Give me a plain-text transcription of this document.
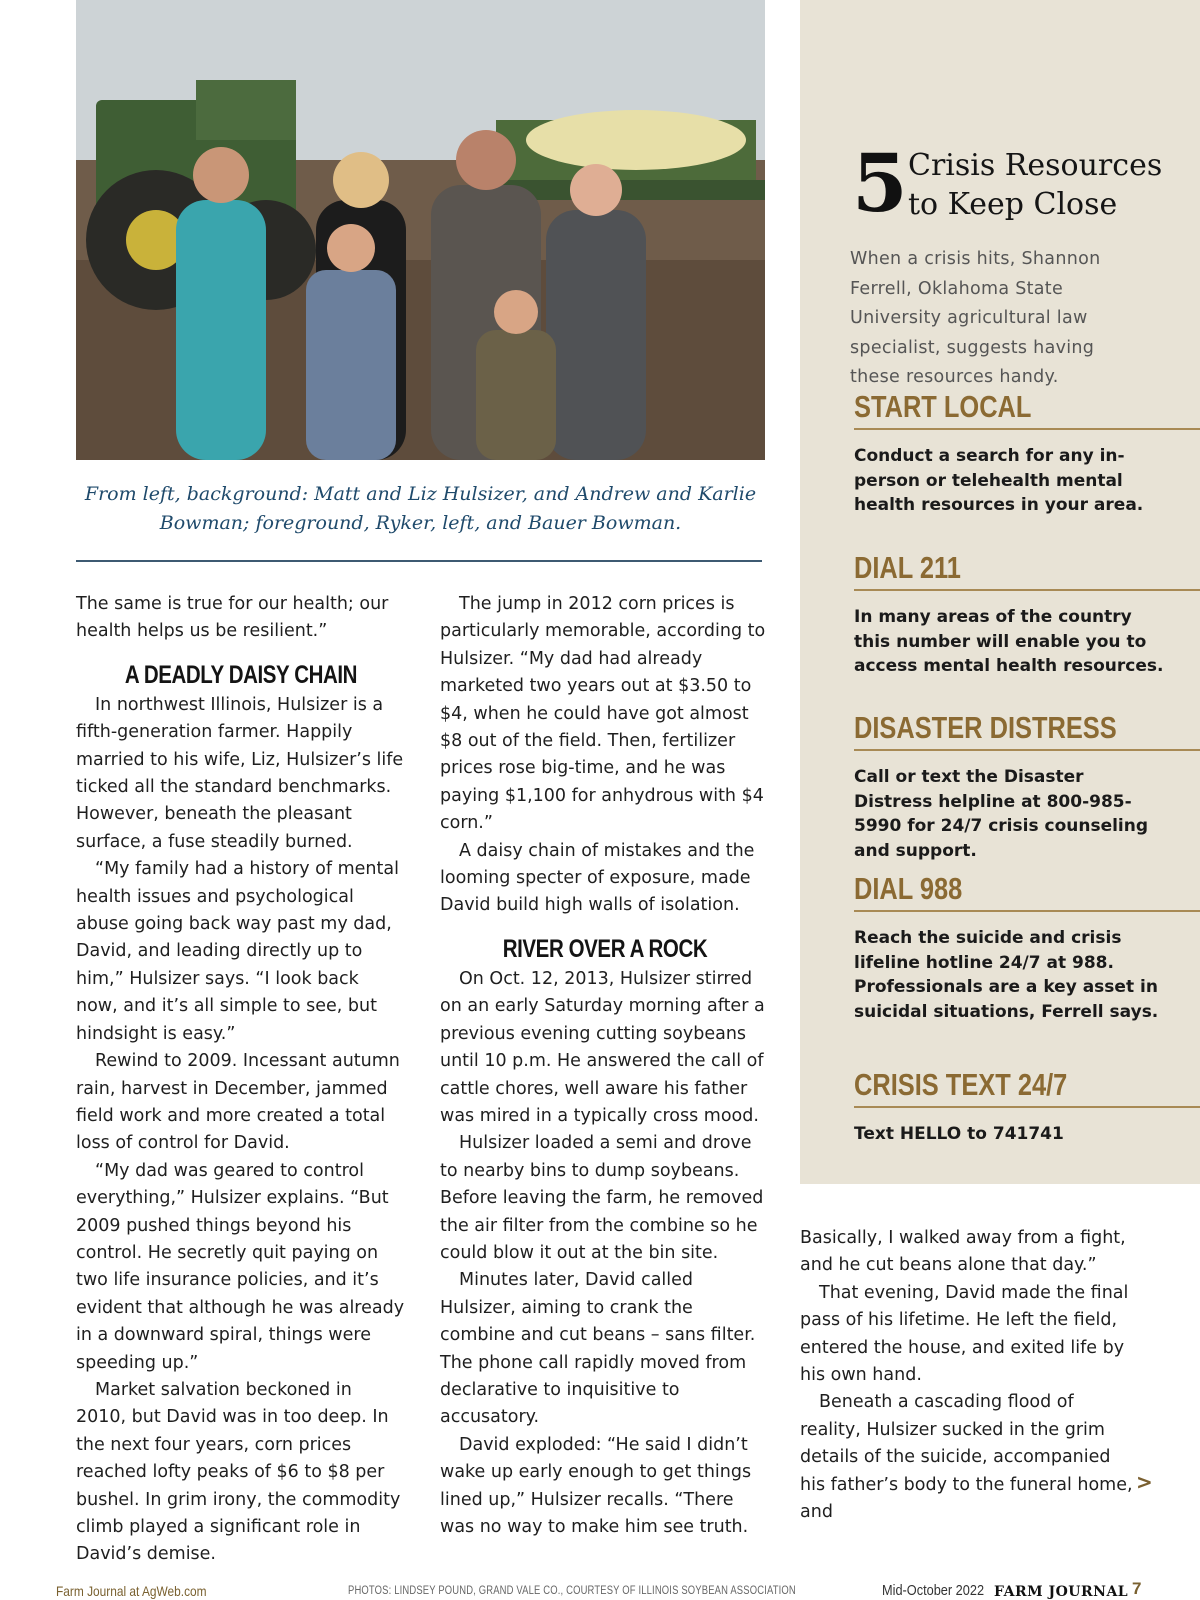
From left, background: Matt and Liz Hulsizer, and Andrew and Karlie Bowman; foreground, Ryker, left, and Bauer Bowman.

The same is true for our health; our health helps us be resilient.”

A DEADLY DAISY CHAIN

In northwest Illinois, Hulsizer is a fifth-generation farmer. Happily married to his wife, Liz, Hulsizer’s life ticked all the standard benchmarks. However, beneath the pleasant surface, a fuse steadily burned.

“My family had a history of mental health issues and psychological abuse going back way past my dad, David, and leading directly up to him,” Hulsizer says. “I look back now, and it’s all simple to see, but hindsight is easy.”

Rewind to 2009. Incessant autumn rain, harvest in December, jammed field work and more created a total loss of control for David.

“My dad was geared to control everything,” Hulsizer explains. “But 2009 pushed things beyond his control. He secretly quit paying on two life insurance policies, and it’s evident that although he was already in a downward spiral, things were speeding up.”

Market salvation beckoned in 2010, but David was in too deep. In the next four years, corn prices reached lofty peaks of $6 to $8 per bushel. In grim irony, the commodity climb played a significant role in David’s demise.

The jump in 2012 corn prices is particularly memorable, according to Hulsizer. “My dad had already marketed two years out at $3.50 to $4, when he could have got almost $8 out of the field. Then, fertilizer prices rose big-time, and he was paying $1,100 for anhydrous with $4 corn.”

A daisy chain of mistakes and the looming specter of exposure, made David build high walls of isolation.

RIVER OVER A ROCK

On Oct. 12, 2013, Hulsizer stirred on an early Saturday morning after a previous evening cutting soybeans until 10 p.m. He answered the call of cattle chores, well aware his father was mired in a typically cross mood.

Hulsizer loaded a semi and drove to nearby bins to dump soybeans. Before leaving the farm, he removed the air filter from the combine so he could blow it out at the bin site.

Minutes later, David called Hulsizer, aiming to crank the combine and cut beans – sans filter. The phone call rapidly moved from declarative to inquisitive to accusatory.

David exploded: “He said I didn’t wake up early enough to get things lined up,” Hulsizer recalls. “There was no way to make him see truth.

5 Crisis Resources
to Keep Close
When a crisis hits, Shannon Ferrell, Oklahoma State University agricultural law specialist, suggests having these resources handy.
START LOCAL
Conduct a search for any in-person or telehealth mental health resources in your area.
DIAL 211
In many areas of the country this number will enable you to access mental health resources.
DISASTER DISTRESS
Call or text the Disaster Distress helpline at 800-985-5990 for 24/7 crisis counseling and support.
DIAL 988
Reach the suicide and crisis lifeline hotline 24/7 at 988. Professionals are a key asset in suicidal situations, Ferrell says.
CRISIS TEXT 24/7
Text HELLO to 741741

Basically, I walked away from a fight, and he cut beans alone that day.”

That evening, David made the final pass of his lifetime. He left the field, entered the house, and exited life by his own hand.

Beneath a cascading flood of reality, Hulsizer sucked in the grim details of the suicide, accompanied his father’s body to the funeral home, and

>
Farm Journal at AgWeb.com	PHOTOS: LINDSEY POUND, GRAND VALE CO., COURTESY OF ILLINOIS SOYBEAN ASSOCIATION	Mid-October 2022 FARM JOURNAL 7
